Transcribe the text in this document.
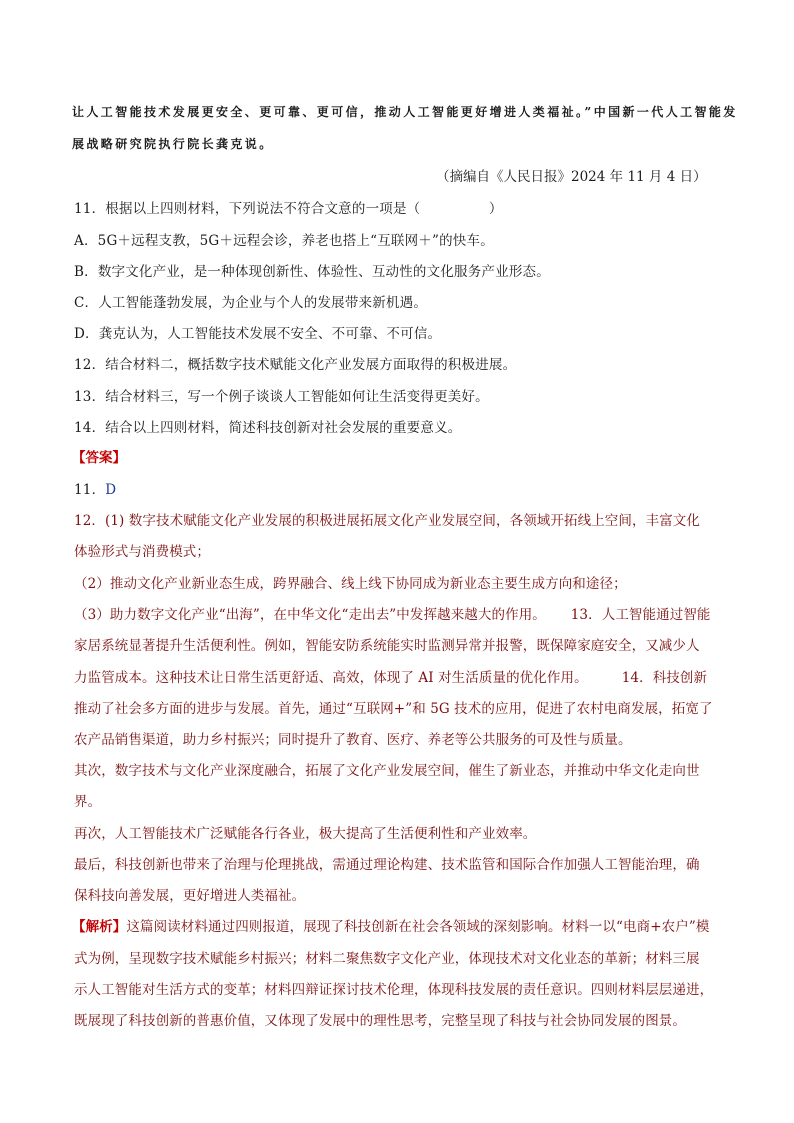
让人工智能技术发展更安全、更可靠、更可信，推动人工智能更好增进人类福祉。”中国新一代人工智能发
展战略研究院执行院长龚克说。
（摘编自《人民日报》2024 年 11 月 4 日）
11．根据以上四则材料，下列说法不符合文意的一项是（　　　　　）
A．5G＋远程支教，5G＋远程会诊，养老也搭上“互联网＋”的快车。
B．数字文化产业，是一种体现创新性、体验性、互动性的文化服务产业形态。
C．人工智能蓬勃发展，为企业与个人的发展带来新机遇。
D．龚克认为，人工智能技术发展不安全、不可靠、不可信。
12．结合材料二，概括数字技术赋能文化产业发展方面取得的积极进展。
13．结合材料三，写一个例子谈谈人工智能如何让生活变得更美好。
14．结合以上四则材料，简述科技创新对社会发展的重要意义。
【答案】
11．D
12．(1) 数字技术赋能文化产业发展的积极进展拓展文化产业发展空间，各领域开拓线上空间，丰富文化
体验形式与消费模式；
（2）推动文化产业新业态生成，跨界融合、线上线下协同成为新业态主要生成方向和途径；
（3）助力数字文化产业“出海”，在中华文化“走出去”中发挥越来越大的作用。　　 13．人工智能通过智能
家居系统显著提升生活便利性。例如，智能安防系统能实时监测异常并报警，既保障家庭安全，又减少人
力监管成本。这种技术让日常生活更舒适、高效，体现了 AI 对生活质量的优化作用。　　　14．科技创新
推动了社会多方面的进步与发展。首先，通过“互联网+”和 5G 技术的应用，促进了农村电商发展，拓宽了
农产品销售渠道，助力乡村振兴；同时提升了教育、医疗、养老等公共服务的可及性与质量。
其次，数字技术与文化产业深度融合，拓展了文化产业发展空间，催生了新业态，并推动中华文化走向世
界。
再次，人工智能技术广泛赋能各行各业，极大提高了生活便利性和产业效率。
最后，科技创新也带来了治理与伦理挑战，需通过理论构建、技术监管和国际合作加强人工智能治理，确
保科技向善发展，更好增进人类福祉。
【解析】这篇阅读材料通过四则报道，展现了科技创新在社会各领域的深刻影响。材料一以“电商+农户”模
式为例，呈现数字技术赋能乡村振兴；材料二聚焦数字文化产业，体现技术对文化业态的革新；材料三展
示人工智能对生活方式的变革；材料四辩证探讨技术伦理，体现科技发展的责任意识。四则材料层层递进，
既展现了科技创新的普惠价值，又体现了发展中的理性思考，完整呈现了科技与社会协同发展的图景。
